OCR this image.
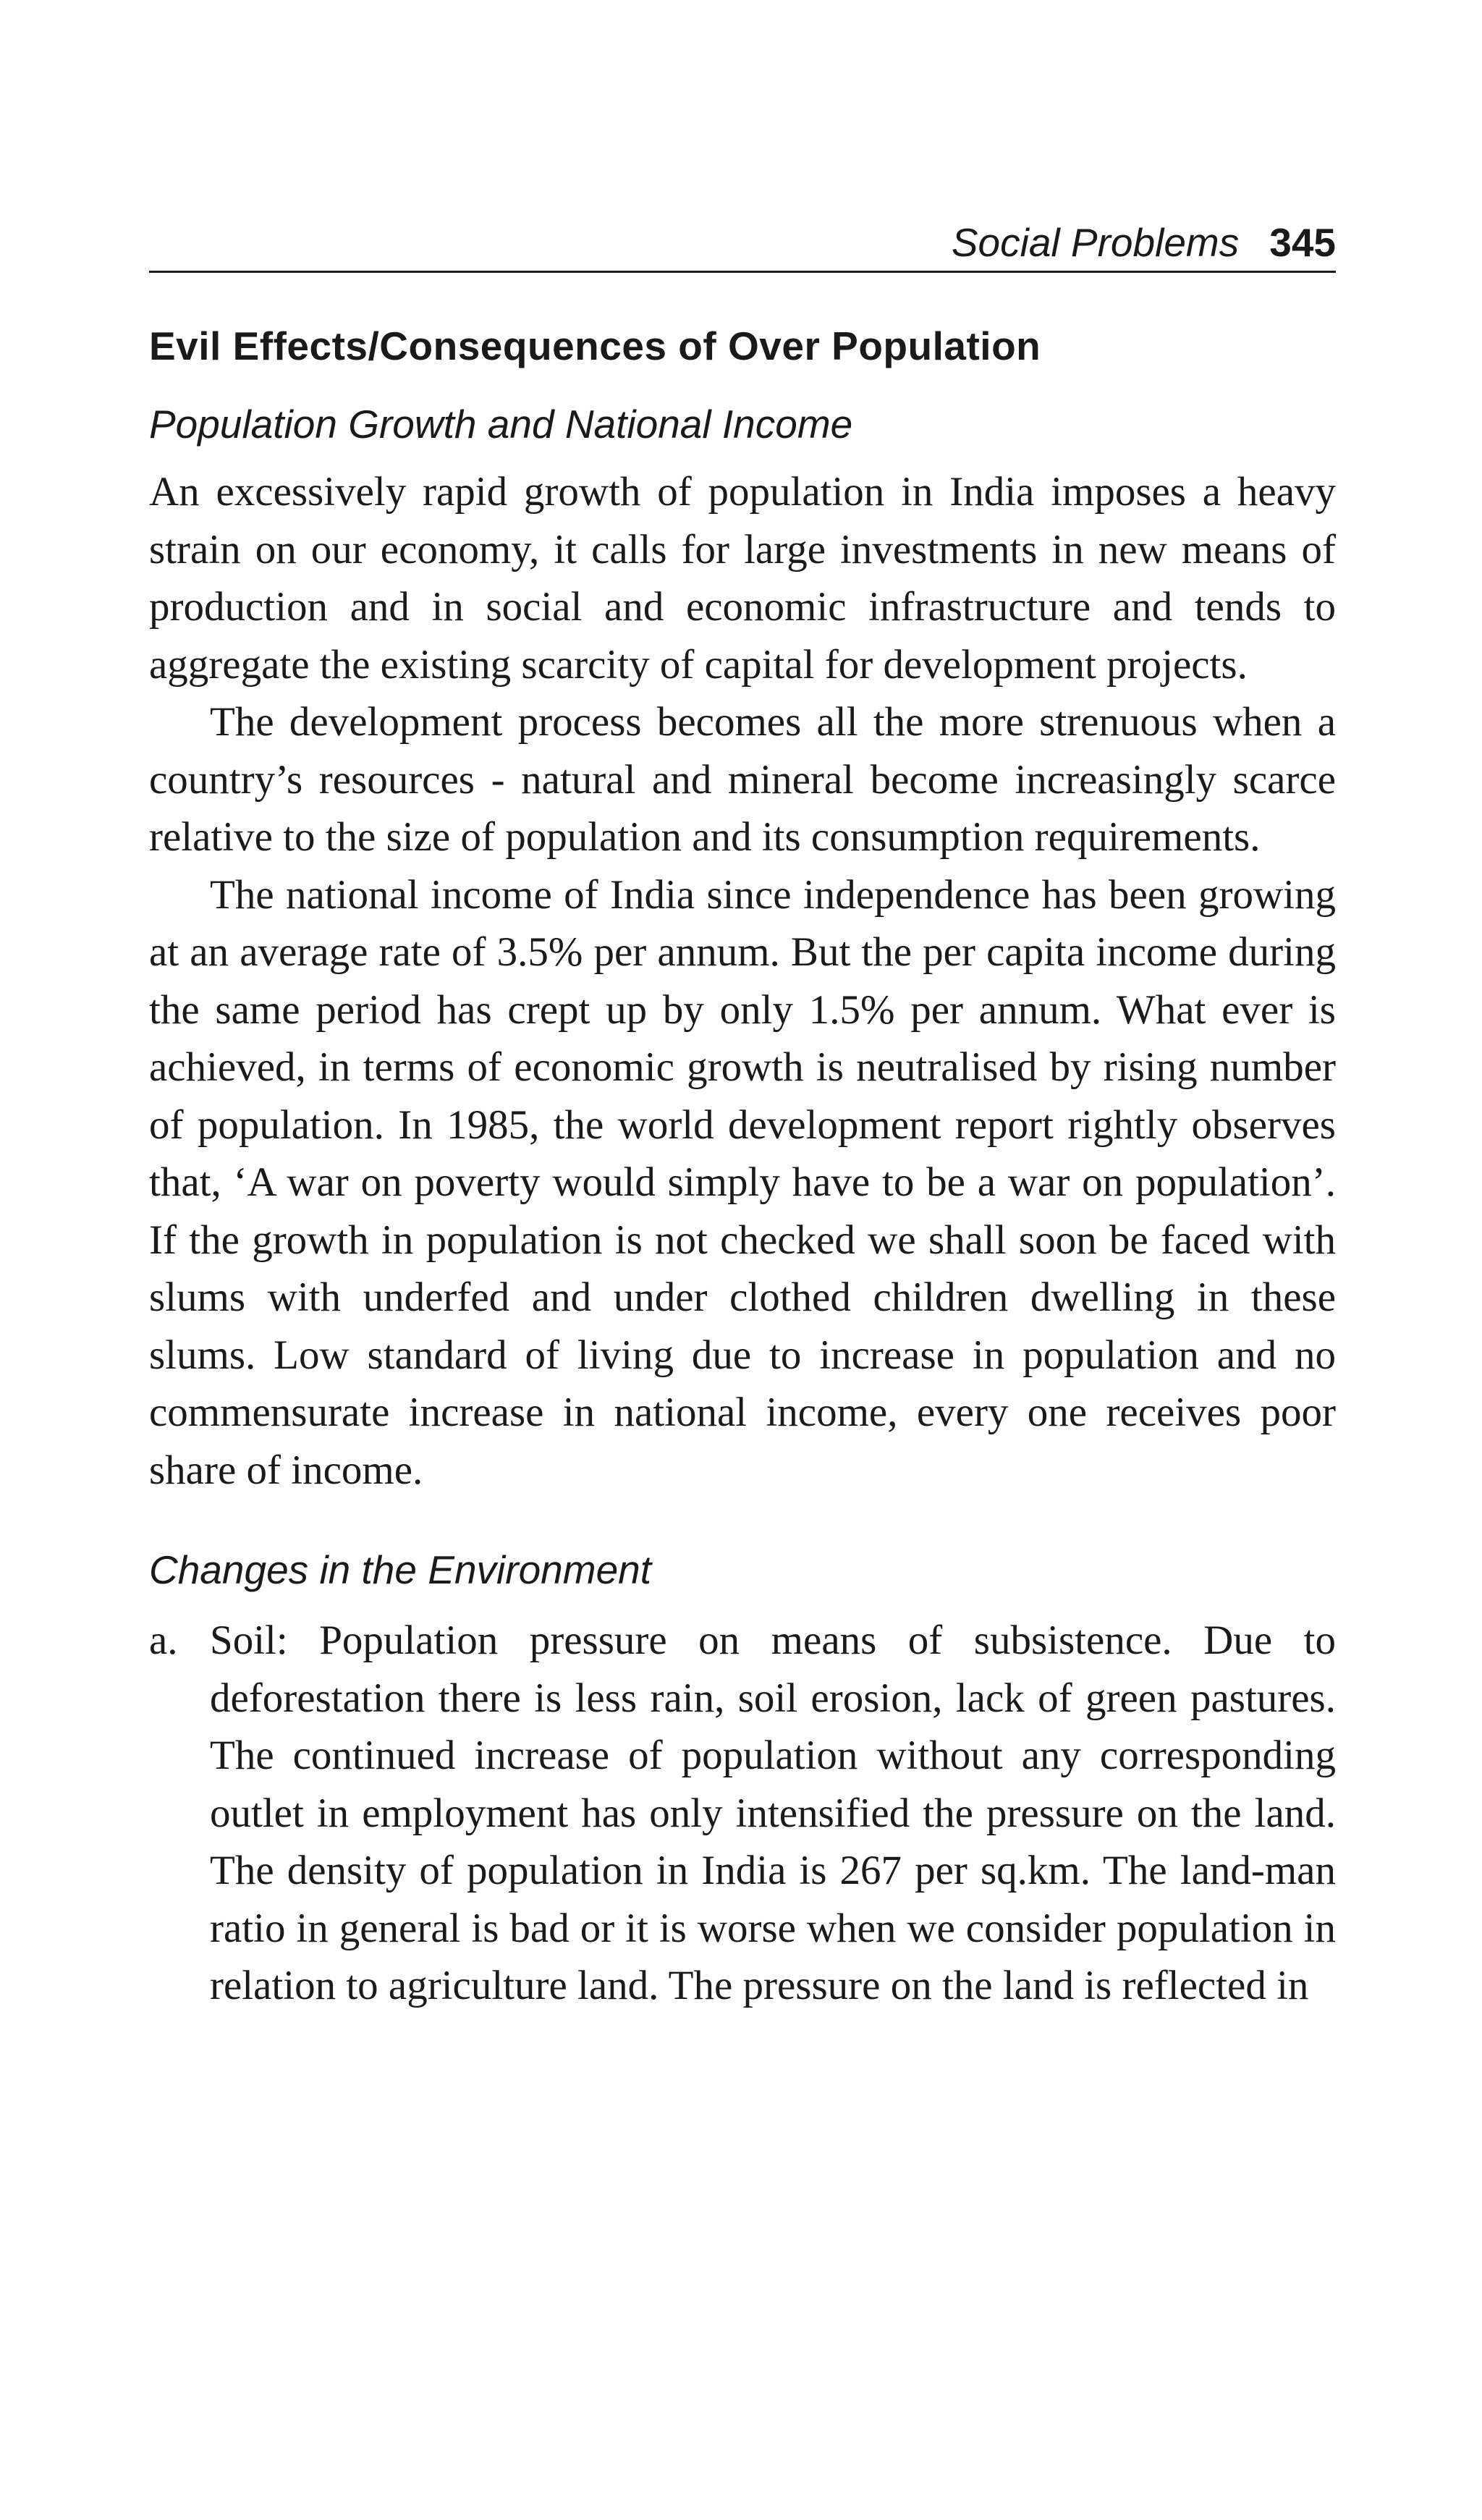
Social Problems 345
Evil Effects/Consequences of Over Population
Population Growth and National Income

An excessively rapid growth of population in India imposes a heavy strain on our economy, it calls for large investments in new means of production and in social and economic infrastructure and tends to aggregate the existing scarcity of capital for development projects.

The development process becomes all the more strenuous when a country’s resources - natural and mineral become increasingly scarce relative to the size of population and its consumption requirements.

The national income of India since independence has been growing at an average rate of 3.5% per annum. But the per capita income during the same period has crept up by only 1.5% per annum. What ever is achieved, in terms of economic growth is neutralised by rising number of population. In 1985, the world development report rightly observes that, ‘A war on poverty would simply have to be a war on population’. If the growth in population is not checked we shall soon be faced with slums with underfed and under clothed children dwelling in these slums. Low standard of living due to increase in population and no commensurate increase in national income, every one receives poor share of income.

Changes in the Environment
a. Soil: Population pressure on means of subsistence. Due to deforestation there is less rain, soil erosion, lack of green pastures. The continued increase of population without any corresponding outlet in employment has only intensified the pressure on the land. The density of population in India is 267 per sq.km. The land-man ratio in general is bad or it is worse when we consider population in relation to agriculture land. The pressure on the land is reflected in
